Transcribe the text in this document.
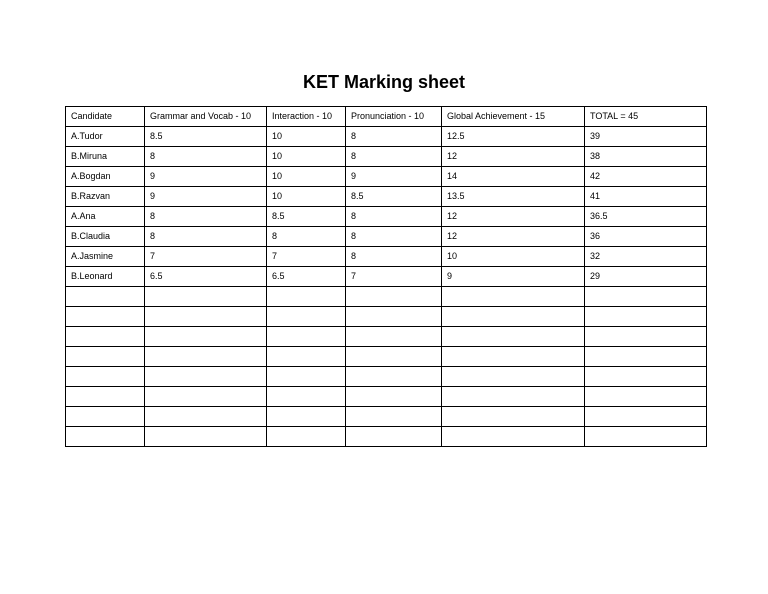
KET Marking sheet
Candidate	Grammar and Vocab - 10	Interaction - 10	Pronunciation - 10	Global Achievement - 15	TOTAL = 45
A.Tudor	8.5	10	8	12.5	39
B.Miruna	8	10	8	12	38
A.Bogdan	9	10	9	14	42
B.Razvan	9	10	8.5	13.5	41
A.Ana	8	8.5	8	12	36.5
B.Claudia	8	8	8	12	36
A.Jasmine	7	7	8	10	32
B.Leonard	6.5	6.5	7	9	29
